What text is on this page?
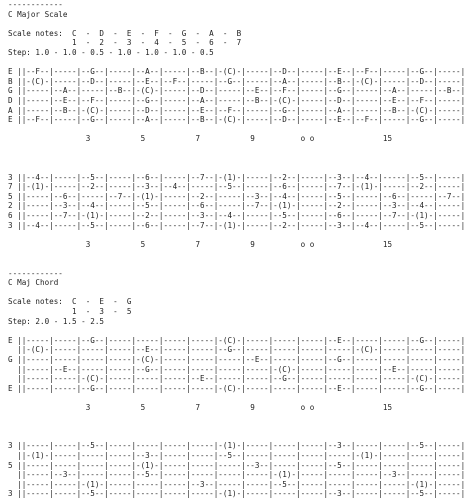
------------
C Major Scale
Scale notes:  C  -  D  -  E  -  F  -  G  -  A  -  B
1  -  2  -  3  -  4  -  5  -  6  -  7
Step: 1.0 - 1.0 - 0.5 - 1.0 - 1.0 - 1.0 - 0.5
E ||--F--|-----|--G--|-----|--A--|-----|--B--|-(C)-|-----|--D--|-----|--E--|--F--|-----|--G--|-----|
B ||-(C)-|-----|--D--|-----|--E--|--F--|-----|--G--|-----|--A--|-----|--B--|-(C)-|-----|--D--|-----|
G ||-----|--A--|-----|--B--|-(C)-|-----|--D--|-----|--E--|--F--|-----|--G--|-----|--A--|-----|--B--|
D ||-----|--E--|--F--|-----|--G--|-----|--A--|-----|--B--|-(C)-|-----|--D--|-----|--E--|--F--|-----|
A ||-----|--B--|-(C)-|-----|--D--|-----|--E--|--F--|-----|--G--|-----|--A--|-----|--B--|-(C)-|-----|
E ||--F--|-----|--G--|-----|--A--|-----|--B--|-(C)-|-----|--D--|-----|--E--|--F--|-----|--G--|-----|
3           5           7           9          o o               15
3 ||--4--|-----|--5--|-----|--6--|-----|--7--|-(1)-|-----|--2--|-----|--3--|--4--|-----|--5--|-----|
7 ||-(1)-|-----|--2--|-----|--3--|--4--|-----|--5--|-----|--6--|-----|--7--|-(1)-|-----|--2--|-----|
5 ||-----|--6--|-----|--7--|-(1)-|-----|--2--|-----|--3--|--4--|-----|--5--|-----|--6--|-----|--7--|
2 ||-----|--3--|--4--|-----|--5--|-----|--6--|-----|--7--|-(1)-|-----|--2--|-----|--3--|--4--|-----|
6 ||-----|--7--|-(1)-|-----|--2--|-----|--3--|--4--|-----|--5--|-----|--6--|-----|--7--|-(1)-|-----|
3 ||--4--|-----|--5--|-----|--6--|-----|--7--|-(1)-|-----|--2--|-----|--3--|--4--|-----|--5--|-----|
3           5           7           9          o o               15
------------
C Maj Chord
Scale notes:  C  -  E  -  G
1  -  3  -  5
Step: 2.0 - 1.5 - 2.5
E ||-----|-----|--G--|-----|-----|-----|-----|-(C)-|-----|-----|-----|--E--|-----|-----|--G--|-----|
||-(C)-|-----|-----|-----|--E--|-----|-----|--G--|-----|-----|-----|-----|-(C)-|-----|-----|-----|
G ||-----|-----|-----|-----|-(C)-|-----|-----|-----|--E--|-----|-----|--G--|-----|-----|-----|-----|
||-----|--E--|-----|-----|--G--|-----|-----|-----|-----|-(C)-|-----|-----|-----|--E--|-----|-----|
||-----|-----|-(C)-|-----|-----|-----|--E--|-----|-----|--G--|-----|-----|-----|-----|-(C)-|-----|
E ||-----|-----|--G--|-----|-----|-----|-----|-(C)-|-----|-----|-----|--E--|-----|-----|--G--|-----|
3           5           7           9          o o               15
3 ||-----|-----|--5--|-----|-----|-----|-----|-(1)-|-----|-----|-----|--3--|-----|-----|--5--|-----|
||-(1)-|-----|-----|-----|--3--|-----|-----|--5--|-----|-----|-----|-----|-(1)-|-----|-----|-----|
5 ||-----|-----|-----|-----|-(1)-|-----|-----|-----|--3--|-----|-----|--5--|-----|-----|-----|-----|
||-----|--3--|-----|-----|--5--|-----|-----|-----|-----|-(1)-|-----|-----|-----|--3--|-----|-----|
||-----|-----|-(1)-|-----|-----|-----|--3--|-----|-----|--5--|-----|-----|-----|-----|-(1)-|-----|
3 ||-----|-----|--5--|-----|-----|-----|-----|-(1)-|-----|-----|-----|--3--|-----|-----|--5--|-----|
